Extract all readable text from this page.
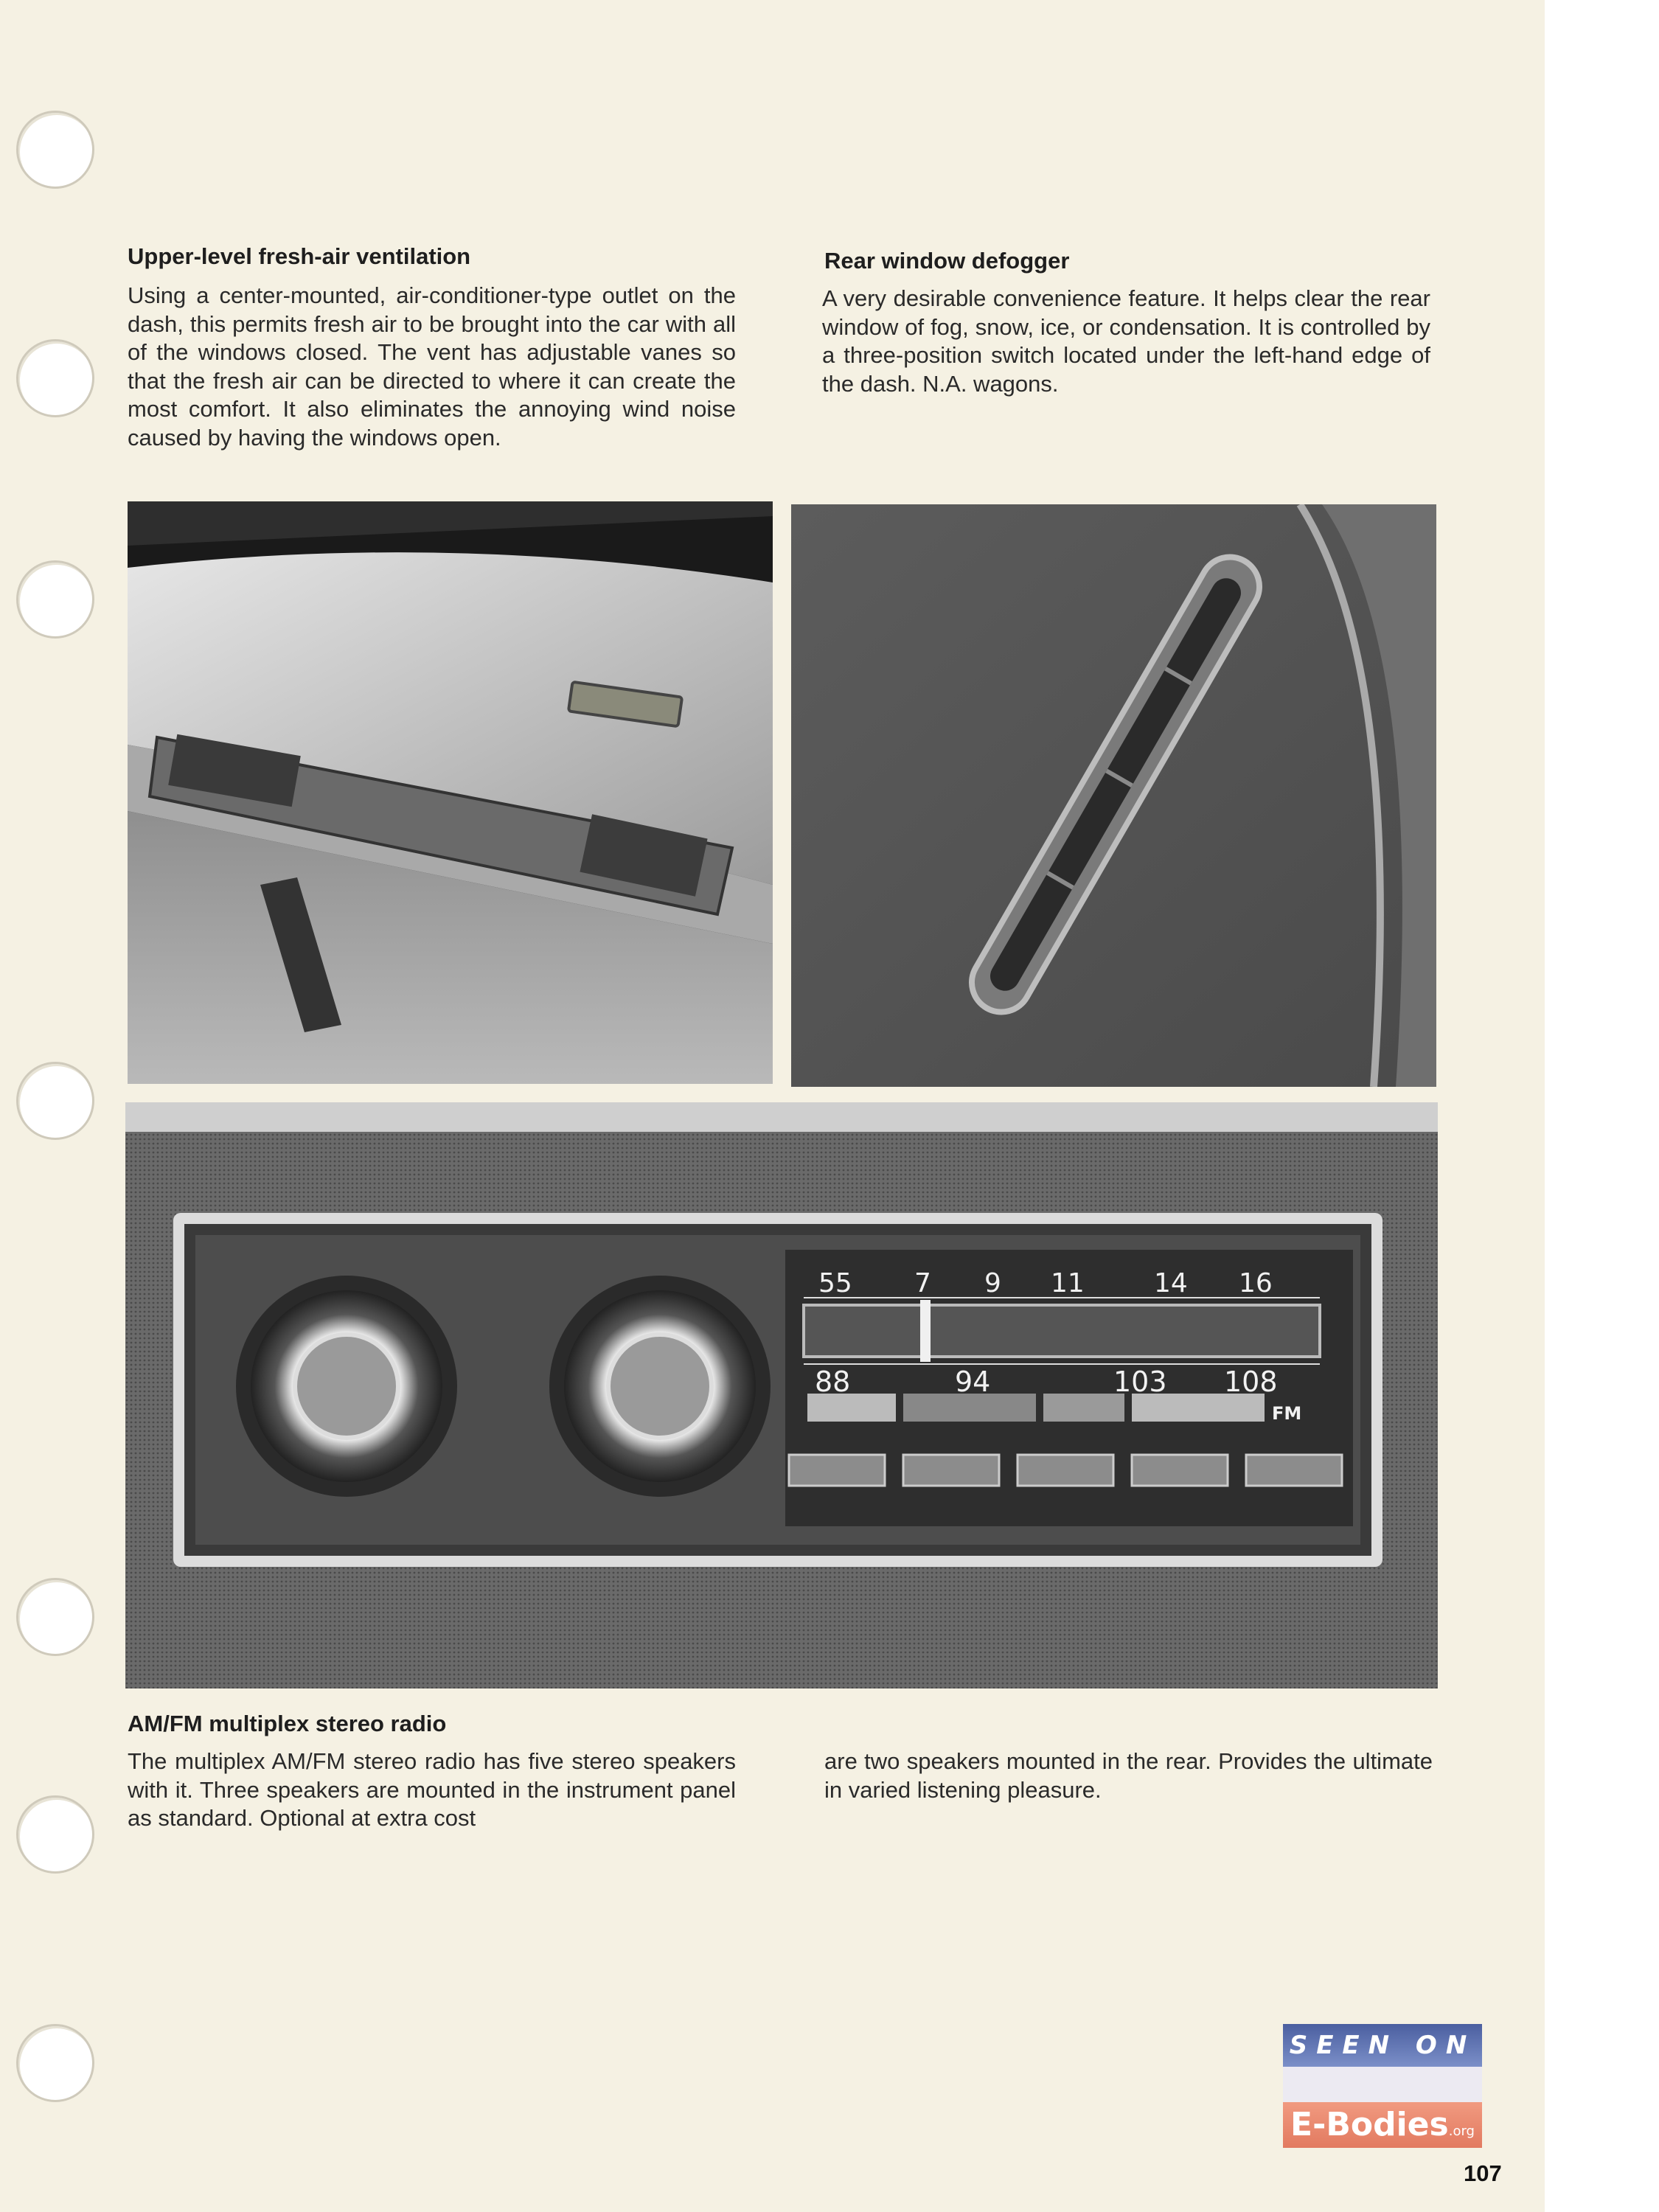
Upper-level fresh-air ventilation

Using a center-mounted, air-conditioner-type outlet on the dash, this permits fresh air to be brought into the car with all of the windows closed. The vent has adjustable vanes so that the fresh air can be directed to where it can create the most comfort. It also eliminates the annoying wind noise caused by having the windows open.

Rear window defogger

A very desirable convenience feature. It helps clear the rear window of fog, snow, ice, or condensation. It is controlled by a three-position switch located under the left-hand edge of the dash. N.A. wagons.

55 7 9 11	14 16
88	94	103 108
FM
AM/FM multiplex stereo radio

The multiplex AM/FM stereo radio has five stereo speakers with it. Three speakers are mounted in the instrument panel as standard. Optional at extra cost

are two speakers mounted in the rear. Provides the ultimate in varied listening pleasure.

SEEN ON
E-Bodies.org
107
